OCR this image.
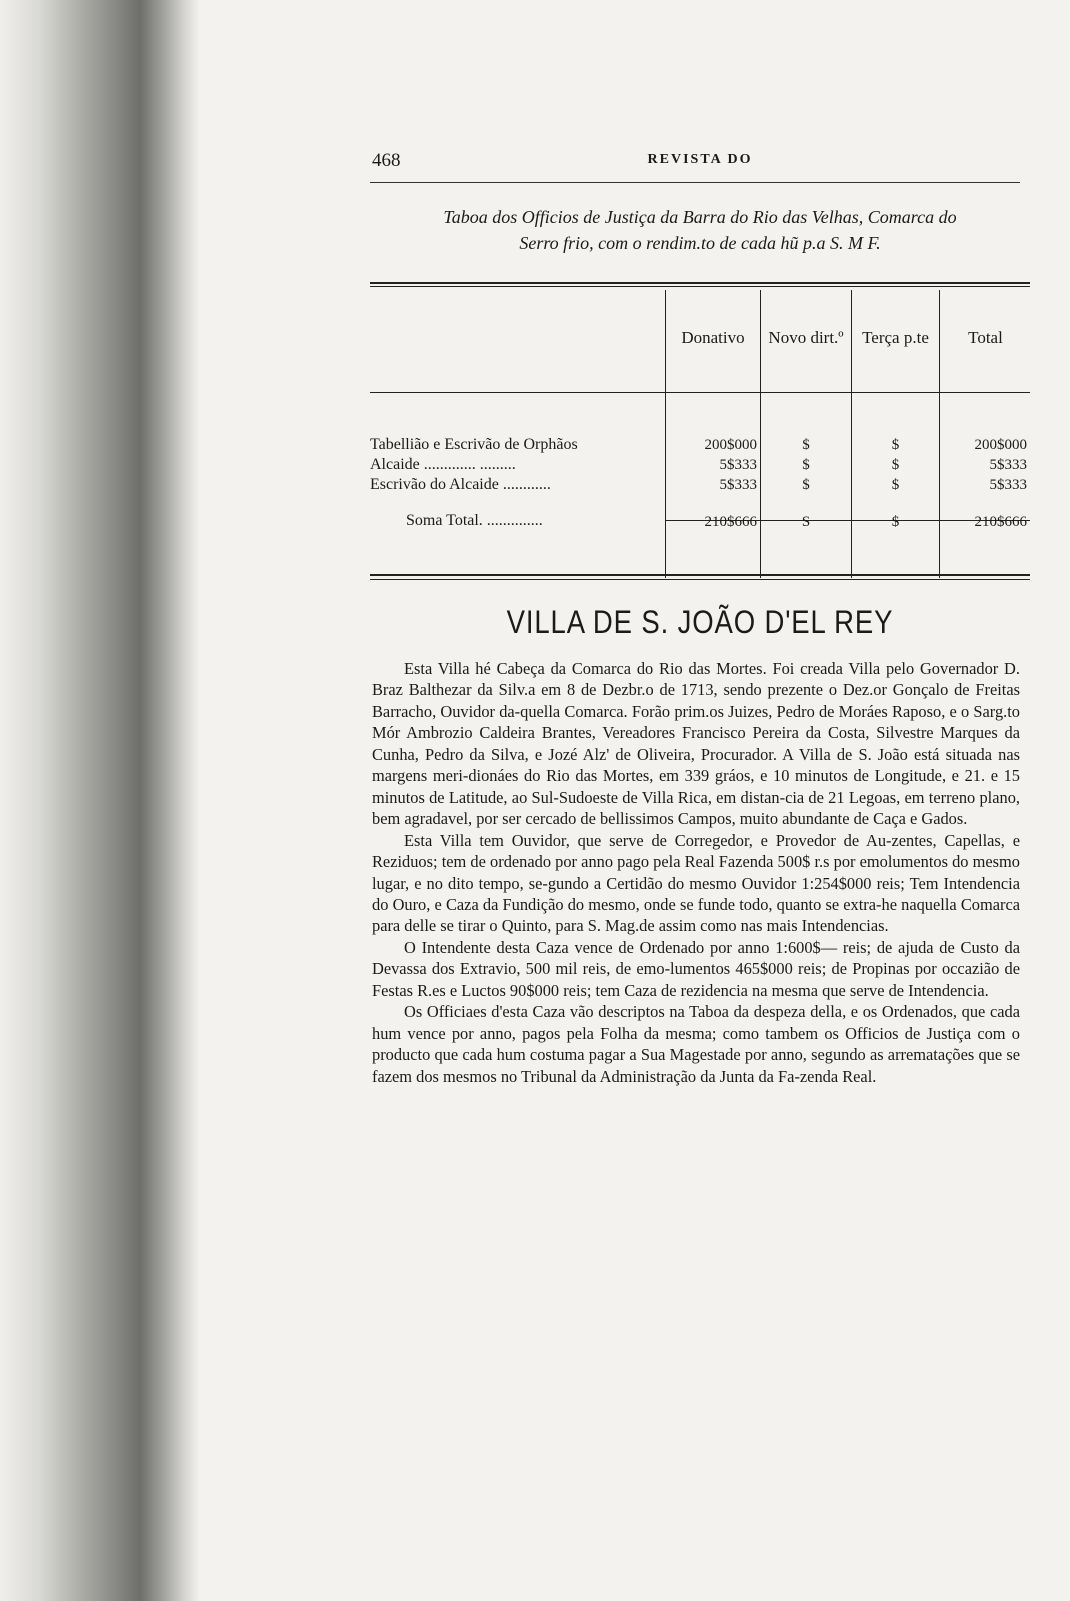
468	REVISTA DO
Taboa dos Officios de Justiça da Barra do Rio das Velhas, Comarca do
Serro frio, com o rendim.to de cada hũ p.a S. M F.
Donativo	Novo dirt.º	Terça p.te	Total
Tabellião e Escrivão de Orphãos	200$000	$	$	200$000
Alcaide ............. .........	5$333	$	$	5$333
Escrivão do Alcaide ............	5$333	$	$	5$333
Soma Total. ..............	210$666	S	$	210$666
VILLA DE S. JOÃO D'EL REY

Esta Villa hé Cabeça da Comarca do Rio das Mortes. Foi creada Villa pelo Governador D. Braz Balthezar da Silv.a em 8 de Dezbr.o de 1713, sendo prezente o Dez.or Gonçalo de Freitas Barracho, Ouvidor da-quella Comarca. Forão prim.os Juizes, Pedro de Moráes Raposo, e o Sarg.to Mór Ambrozio Caldeira Brantes, Vereadores Francisco Pereira da Costa, Silvestre Marques da Cunha, Pedro da Silva, e Jozé Alz' de Oliveira, Procurador. A Villa de S. João está situada nas margens meri-dionáes do Rio das Mortes, em 339 gráos, e 10 minutos de Longitude, e 21. e 15 minutos de Latitude, ao Sul-Sudoeste de Villa Rica, em distan-cia de 21 Legoas, em terreno plano, bem agradavel, por ser cercado de bellissimos Campos, muito abundante de Caça e Gados.

Esta Villa tem Ouvidor, que serve de Corregedor, e Provedor de Au-zentes, Capellas, e Reziduos; tem de ordenado por anno pago pela Real Fazenda 500$ r.s por emolumentos do mesmo lugar, e no dito tempo, se-gundo a Certidão do mesmo Ouvidor 1:254$000 reis; Tem Intendencia do Ouro, e Caza da Fundição do mesmo, onde se funde todo, quanto se extra-he naquella Comarca para delle se tirar o Quinto, para S. Mag.de assim como nas mais Intendencias.

O Intendente desta Caza vence de Ordenado por anno 1:600$— reis; de ajuda de Custo da Devassa dos Extravio, 500 mil reis, de emo-lumentos 465$000 reis; de Propinas por occazião de Festas R.es e Luctos 90$000 reis; tem Caza de rezidencia na mesma que serve de Intendencia.

Os Officiaes d'esta Caza vão descriptos na Taboa da despeza della, e os Ordenados, que cada hum vence por anno, pagos pela Folha da mesma; como tambem os Officios de Justiça com o producto que cada hum costuma pagar a Sua Magestade por anno, segundo as arrematações que se fazem dos mesmos no Tribunal da Administração da Junta da Fa-zenda Real.
